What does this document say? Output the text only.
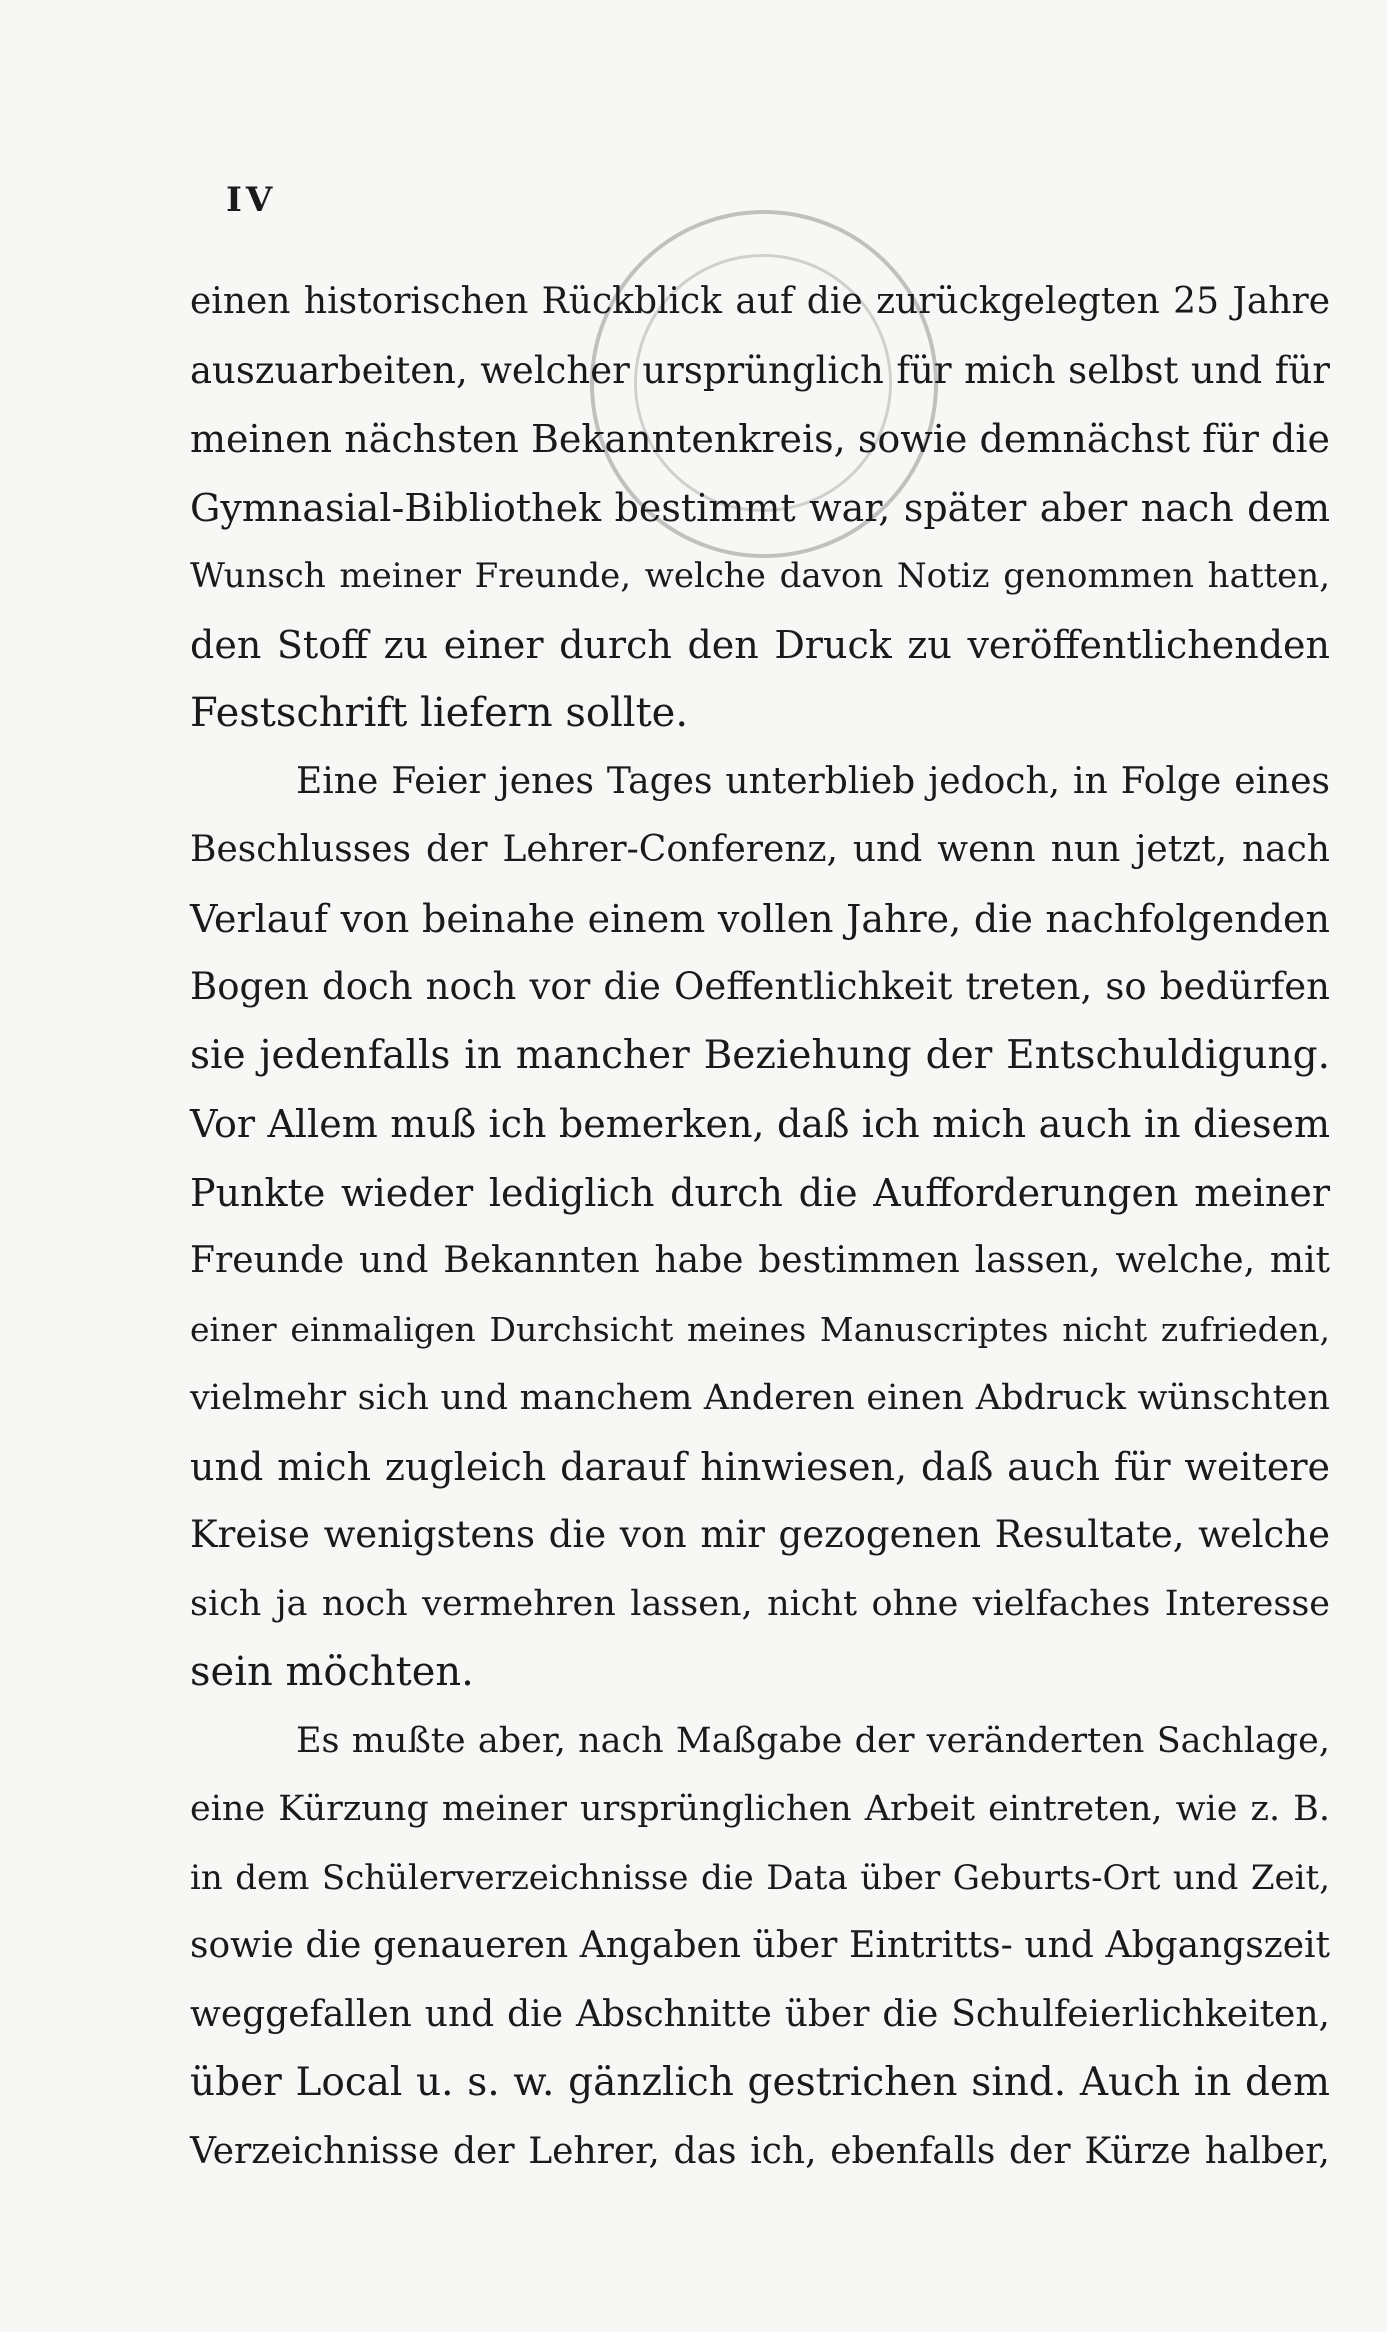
IV
einen historischen Rückblick auf die zurückgelegten 25 Jahre
auszuarbeiten, welcher ursprünglich für mich selbst und für
meinen nächsten Bekanntenkreis, sowie demnächst für die
Gymnasial-Bibliothek bestimmt war, später aber nach dem
Wunsch meiner Freunde, welche davon Notiz genommen hatten,
den Stoff zu einer durch den Druck zu veröffentlichenden
Festschrift liefern sollte.
Eine Feier jenes Tages unterblieb jedoch, in Folge eines
Beschlusses der Lehrer-Conferenz, und wenn nun jetzt, nach
Verlauf von beinahe einem vollen Jahre, die nachfolgenden
Bogen doch noch vor die Oeffentlichkeit treten, so bedürfen
sie jedenfalls in mancher Beziehung der Entschuldigung.
Vor Allem muß ich bemerken, daß ich mich auch in diesem
Punkte wieder lediglich durch die Aufforderungen meiner
Freunde und Bekannten habe bestimmen lassen, welche, mit
einer einmaligen Durchsicht meines Manuscriptes nicht zufrieden,
vielmehr sich und manchem Anderen einen Abdruck wünschten
und mich zugleich darauf hinwiesen, daß auch für weitere
Kreise wenigstens die von mir gezogenen Resultate, welche
sich ja noch vermehren lassen, nicht ohne vielfaches Interesse
sein möchten.
Es mußte aber, nach Maßgabe der veränderten Sachlage,
eine Kürzung meiner ursprünglichen Arbeit eintreten, wie z. B.
in dem Schülerverzeichnisse die Data über Geburts-Ort und Zeit,
sowie die genaueren Angaben über Eintritts- und Abgangszeit
weggefallen und die Abschnitte über die Schulfeierlichkeiten,
über Local u. s. w. gänzlich gestrichen sind. Auch in dem
Verzeichnisse der Lehrer, das ich, ebenfalls der Kürze halber,
